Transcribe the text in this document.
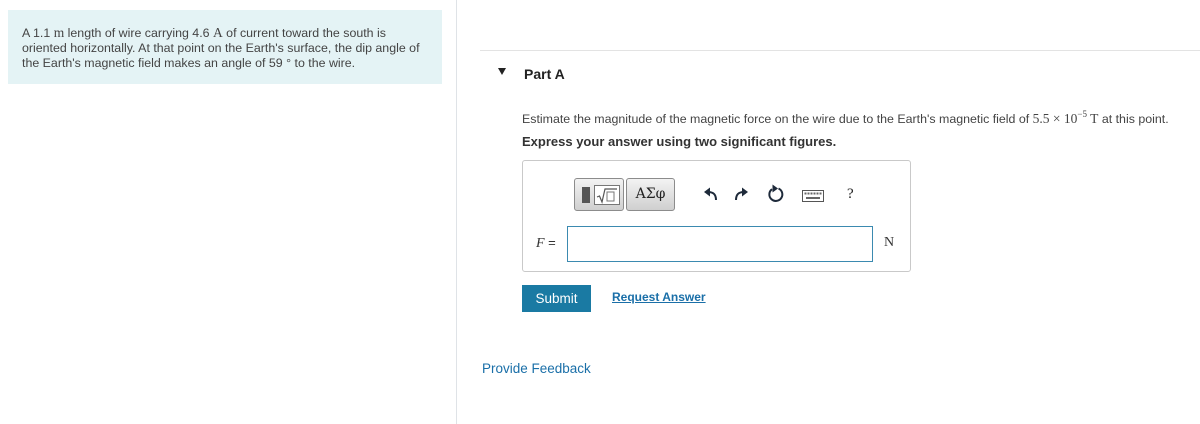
A 1.1 m length of wire carrying 4.6 A of current toward the south is
oriented horizontally. At that point on the Earth's surface, the dip angle of
the Earth's magnetic field makes an angle of 59 ° to the wire.
Part A
Estimate the magnitude of the magnetic force on the wire due to the Earth's magnetic field of $5.5 \times 10^{-5}$ T at this point.
Express your answer using two significant figures.
ΑΣφ	?
F =	N
Submit	Request Answer
Provide Feedback
